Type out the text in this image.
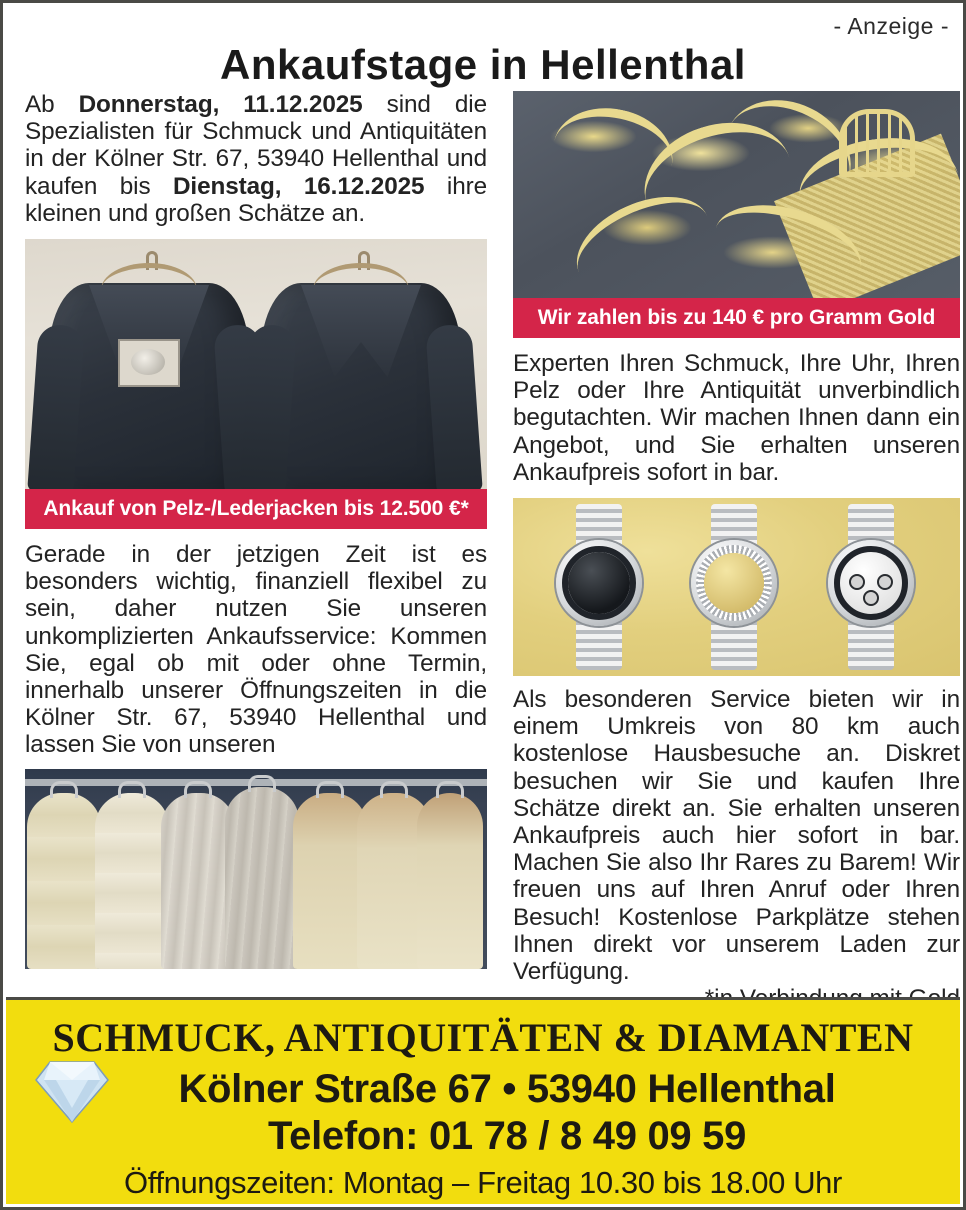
- Anzeige -
Ankaufstage in Hellenthal

Ab Donnerstag, 11.12.2025 sind die Spezialisten für Schmuck und Antiquitäten in der Kölner Str. 67, 53940 Hellenthal und kaufen bis Dienstag, 16.12.2025 ihre kleinen und großen Schätze an.

Ankauf von Pelz-/Lederjacken bis 12.500 €*

Gerade in der jetzigen Zeit ist es besonders wichtig, finanziell flexibel zu sein, daher nutzen Sie unseren unkomplizierten Ankaufsservice: Kommen Sie, egal ob mit oder ohne Termin, innerhalb unserer Öffnungszeiten in die Kölner Str. 67, 53940 Hellenthal und lassen Sie von unseren

Wir zahlen bis zu 140 € pro Gramm Gold

Experten Ihren Schmuck, Ihre Uhr, Ihren Pelz oder Ihre Antiquität unverbindlich begutachten. Wir machen Ihnen dann ein Angebot, und Sie erhalten unseren Ankaufpreis sofort in bar.

Als besonderen Service bieten wir in einem Umkreis von 80 km auch kostenlose Hausbesuche an. Diskret besuchen wir Sie und kaufen Ihre Schätze direkt an. Sie erhalten unseren Ankaufpreis auch hier sofort in bar. Machen Sie also Ihr Rares zu Barem! Wir freuen uns auf Ihren Anruf oder Ihren Besuch! Kostenlose Parkplätze stehen Ihnen direkt vor unserem Laden zur Verfügung.

SCHMUCK, ANTIQUITÄTEN & DIAMANTEN
Kölner Straße 67 • 53940 Hellenthal
Telefon: 01 78 / 8 49 09 59
Öffnungszeiten: Montag – Freitag 10.30 bis 18.00 Uhr
